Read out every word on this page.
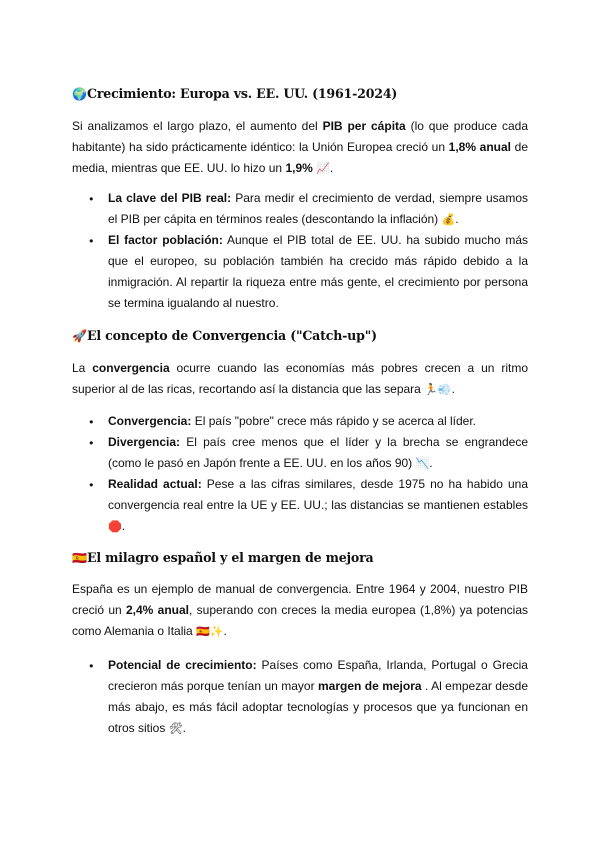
🌍Crecimiento: Europa vs. EE. UU. (1961-2024)

Si analizamos el largo plazo, el aumento del PIB per cápita (lo que produce cada habitante) ha sido prácticamente idéntico: la Unión Europea creció un 1,8% anual de media, mientras que EE. UU. lo hizo un 1,9% 📈.

● La clave del PIB real: Para medir el crecimiento de verdad, siempre usamos el PIB per cápita en términos reales (descontando la inflación) 💰.
● El factor población: Aunque el PIB total de EE. UU. ha subido mucho más que el europeo, su población también ha crecido más rápido debido a la inmigración. Al repartir la riqueza entre más gente, el crecimiento por persona se termina igualando al nuestro.
🚀El concepto de Convergencia ("Catch-up")

La convergencia ocurre cuando las economías más pobres crecen a un ritmo superior al de las ricas, recortando así la distancia que las separa 🏃💨.

● Convergencia: El país "pobre" crece más rápido y se acerca al líder.
● Divergencia: El país cree menos que el líder y la brecha se engrandece (como le pasó en Japón frente a EE. UU. en los años 90) 📉.
● Realidad actual: Pese a las cifras similares, desde 1975 no ha habido una convergencia real entre la UE y EE. UU.; las distancias se mantienen estables 🛑.
🇪🇸El milagro español y el margen de mejora

España es un ejemplo de manual de convergencia. Entre 1964 y 2004, nuestro PIB creció un 2,4% anual, superando con creces la media europea (1,8%) ya potencias como Alemania o Italia 🇪🇸✨.

● Potencial de crecimiento: Países como España, Irlanda, Portugal o Grecia crecieron más porque tenían un mayor margen de mejora . Al empezar desde más abajo, es más fácil adoptar tecnologías y procesos que ya funcionan en otros sitios 🛠.
